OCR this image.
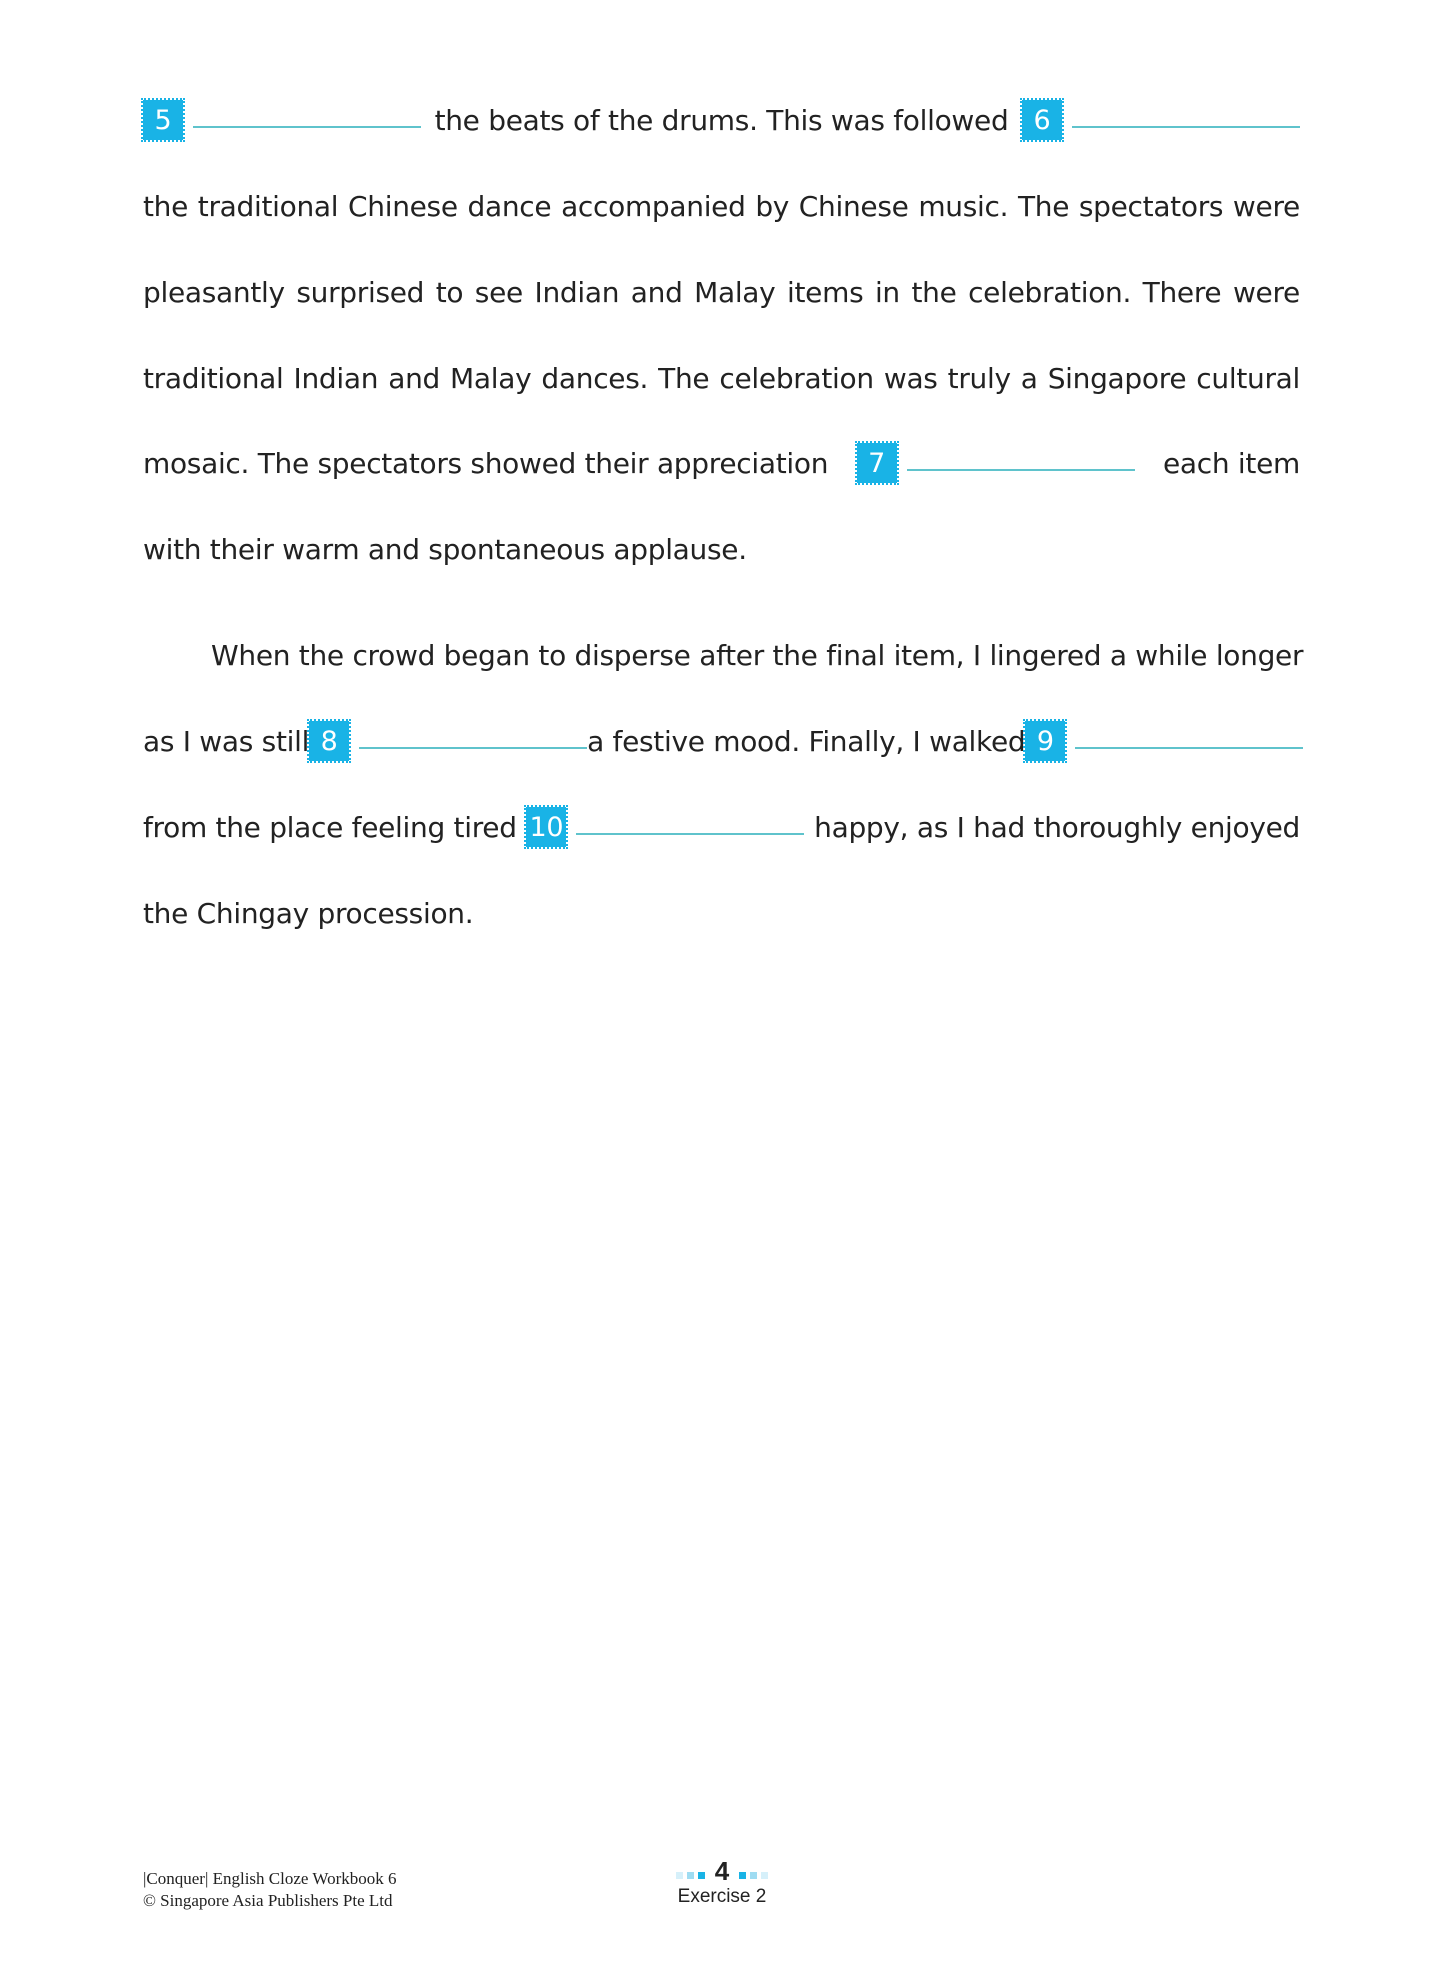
5	the beats of the drums. This was followed 6
the traditional Chinese dance accompanied by Chinese music. The spectators were
pleasantly surprised to see Indian and Malay items in the celebration. There were
traditional Indian and Malay dances. The celebration was truly a Singapore cultural
mosaic. The spectators showed their appreciation	7	each item
with their warm and spontaneous applause.
When the crowd began to disperse after the final item, I lingered a while longer
as I was still 8	a festive mood. Finally, I walked 9
from the place feeling tired 10	happy, as I had thoroughly enjoyed
the Chingay procession.
|Conquer| English Cloze Workbook 6
© Singapore Asia Publishers Pte Ltd
4
Exercise 2
